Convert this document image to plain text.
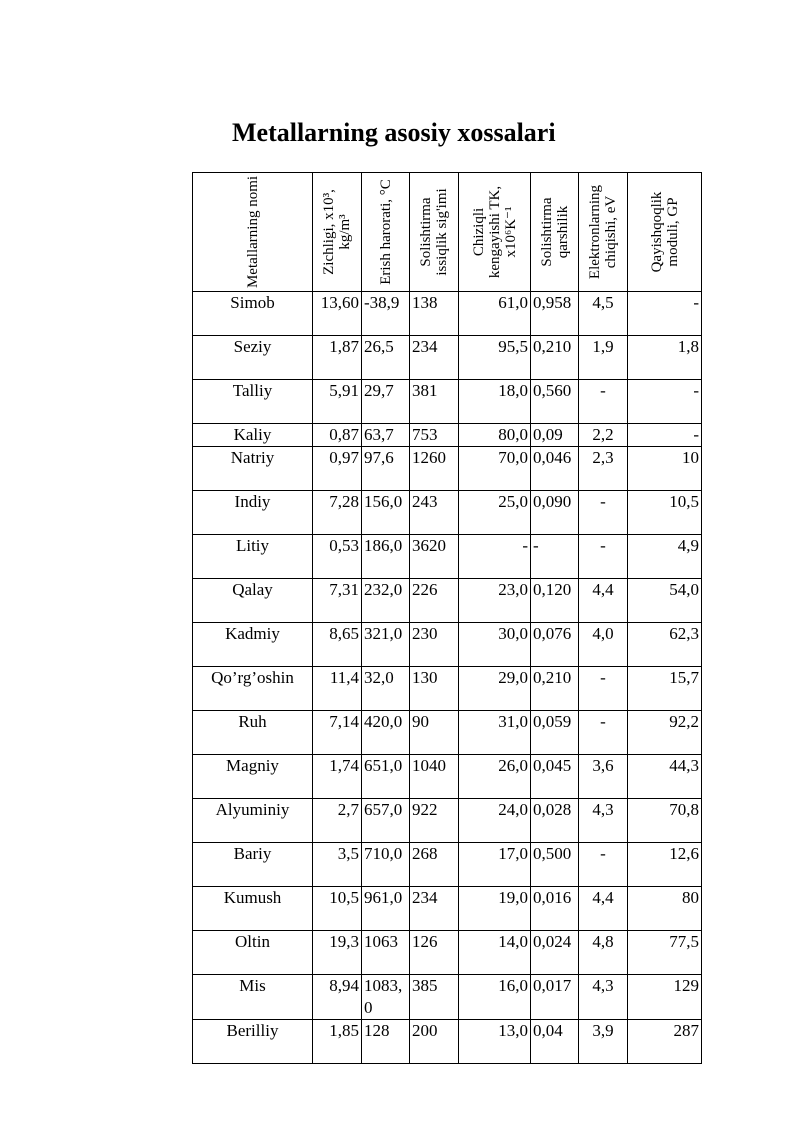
Metallarning asosiy xossalari
Metallarning nomi	Zichligi, x10³, kg/m³	Erish harorati, °C	Solishtirma issiqlik sig'imi	Chiziqli kengayishi TK, x10⁶K⁻¹	Solishtirma qarshilik	Elektronlarning chiqishi, eV	Qayishqoqlik moduli, GP

Simob	13,60	-38,9	138	61,0	0,958	4,5	-
Seziy	1,87	26,5	234	95,5	0,210	1,9	1,8
Talliy	5,91	29,7	381	18,0	0,560	-	-
Kaliy	0,87	63,7	753	80,0	0,09	2,2	-
Natriy	0,97	97,6	1260	70,0	0,046	2,3	10
Indiy	7,28	156,0	243	25,0	0,090	-	10,5
Litiy	0,53	186,0	3620	-	-	-	4,9
Qalay	7,31	232,0	226	23,0	0,120	4,4	54,0
Kadmiy	8,65	321,0	230	30,0	0,076	4,0	62,3
Qo’rg’oshin	11,4	32,0	130	29,0	0,210	-	15,7
Ruh	7,14	420,0	90	31,0	0,059	-	92,2
Magniy	1,74	651,0	1040	26,0	0,045	3,6	44,3
Alyuminiy	2,7	657,0	922	24,0	0,028	4,3	70,8
Bariy	3,5	710,0	268	17,0	0,500	-	12,6
Kumush	10,5	961,0	234	19,0	0,016	4,4	80
Oltin	19,3	1063	126	14,0	0,024	4,8	77,5
Mis	8,94	1083,0	385	16,0	0,017	4,3	129
Berilliy	1,85	128	200	13,0	0,04	3,9	287
